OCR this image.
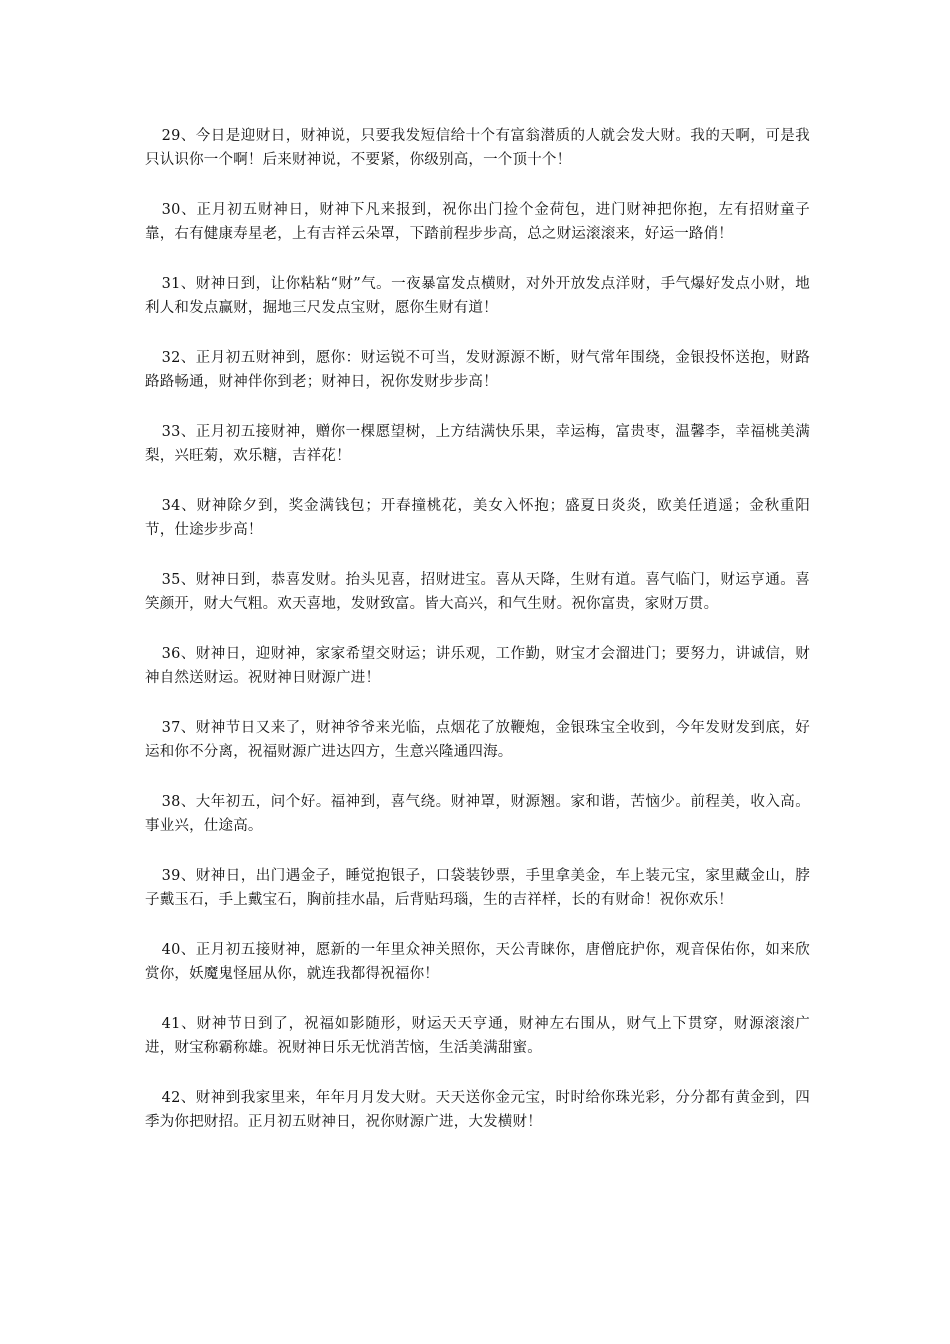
29、今日是迎财日，财神说，只要我发短信给十个有富翁潜质的人就会发大财。我的天啊，可是我只认识你一个啊！后来财神说，不要紧，你级别高，一个顶十个！

30、正月初五财神日，财神下凡来报到，祝你出门捡个金荷包，进门财神把你抱，左有招财童子靠，右有健康寿星老，上有吉祥云朵罩，下踏前程步步高，总之财运滚滚来，好运一路俏！

31、财神日到，让你粘粘“财”气。一夜暴富发点横财，对外开放发点洋财，手气爆好发点小财，地利人和发点赢财，掘地三尺发点宝财，愿你生财有道！

32、正月初五财神到，愿你：财运锐不可当，发财源源不断，财气常年围绕，金银投怀送抱，财路路路畅通，财神伴你到老；财神日，祝你发财步步高！

33、正月初五接财神，赠你一棵愿望树，上方结满快乐果，幸运梅，富贵枣，温馨李，幸福桃美满梨，兴旺菊，欢乐糖，吉祥花！

34、财神除夕到，奖金满钱包；开春撞桃花，美女入怀抱；盛夏日炎炎，欧美任逍遥；金秋重阳节，仕途步步高！

35、财神日到，恭喜发财。抬头见喜，招财进宝。喜从天降，生财有道。喜气临门，财运亨通。喜笑颜开，财大气粗。欢天喜地，发财致富。皆大高兴，和气生财。祝你富贵，家财万贯。

36、财神日，迎财神，家家希望交财运；讲乐观，工作勤，财宝才会溜进门；要努力，讲诚信，财神自然送财运。祝财神日财源广进！

37、财神节日又来了，财神爷爷来光临，点烟花了放鞭炮，金银珠宝全收到，今年发财发到底，好运和你不分离，祝福财源广进达四方，生意兴隆通四海。

38、大年初五，问个好。福神到，喜气绕。财神罩，财源翘。家和谐，苦恼少。前程美，收入高。事业兴，仕途高。

39、财神日，出门遇金子，睡觉抱银子，口袋装钞票，手里拿美金，车上装元宝，家里藏金山，脖子戴玉石，手上戴宝石，胸前挂水晶，后背贴玛瑙，生的吉祥样，长的有财命！祝你欢乐！

40、正月初五接财神，愿新的一年里众神关照你，天公青睐你，唐僧庇护你，观音保佑你，如来欣赏你，妖魔鬼怪屈从你，就连我都得祝福你！

41、财神节日到了，祝福如影随形，财运天天亨通，财神左右围从，财气上下贯穿，财源滚滚广进，财宝称霸称雄。祝财神日乐无忧消苦恼，生活美满甜蜜。

42、财神到我家里来，年年月月发大财。天天送你金元宝，时时给你珠光彩，分分都有黄金到，四季为你把财招。正月初五财神日，祝你财源广进，大发横财！
